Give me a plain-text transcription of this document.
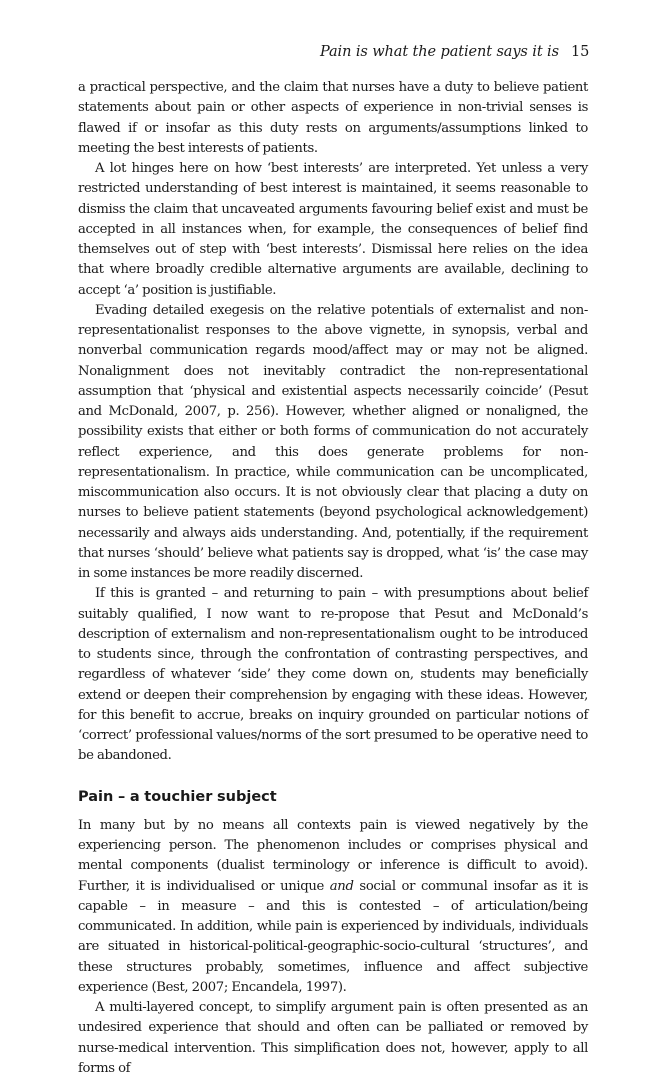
Pain is what the patient says it is 15

a practical perspective, and the claim that nurses have a duty to believe patient statements about pain or other aspects of experience in non-trivial senses is flawed if or insofar as this duty rests on arguments/assumptions linked to meeting the best interests of patients.

A lot hinges here on how ‘best interests’ are interpreted. Yet unless a very restricted understanding of best interest is maintained, it seems reasonable to dismiss the claim that uncaveated arguments favouring belief exist and must be accepted in all instances when, for example, the consequences of belief find themselves out of step with ‘best interests’. Dismissal here relies on the idea that where broadly credible alternative arguments are available, declining to accept ‘a’ position is justifiable.

Evading detailed exegesis on the relative potentials of externalist and non-representationalist responses to the above vignette, in synopsis, verbal and nonverbal communication regards mood/affect may or may not be aligned. Nonalignment does not inevitably contradict the non-representational assumption that ‘physical and existential aspects necessarily coincide’ (Pesut and McDonald, 2007, p. 256). However, whether aligned or nonaligned, the possibility exists that either or both forms of communication do not accurately reflect experience, and this does generate problems for non-representationalism. In practice, while communication can be uncomplicated, miscommunication also occurs. It is not obviously clear that placing a duty on nurses to believe patient statements (beyond psychological acknowledgement) necessarily and always aids understanding. And, potentially, if the requirement that nurses ‘should’ believe what patients say is dropped, what ‘is’ the case may in some instances be more readily discerned.

If this is granted – and returning to pain – with presumptions about belief suitably qualified, I now want to re-propose that Pesut and McDonald’s description of externalism and non-representationalism ought to be introduced to students since, through the confrontation of contrasting perspectives, and regardless of whatever ‘side’ they come down on, students may beneficially extend or deepen their comprehension by engaging with these ideas. However, for this benefit to accrue, breaks on inquiry grounded on particular notions of ‘correct’ professional values/norms of the sort presumed to be operative need to be abandoned.

Pain – a touchier subject

In many but by no means all contexts pain is viewed negatively by the experiencing person. The phenomenon includes or comprises physical and mental components (dualist terminology or inference is difficult to avoid). Further, it is individualised or unique and social or communal insofar as it is capable – in measure – and this is contested – of articulation/being communicated. In addition, while pain is experienced by individuals, individuals are situated in historical-political-geographic-socio-cultural ‘structures’, and these structures probably, sometimes, influence and affect subjective experience (Best, 2007; Encandela, 1997).

A multi-layered concept, to simplify argument pain is often presented as an undesired experience that should and often can be palliated or removed by nurse-medical intervention. This simplification does not, however, apply to all forms of
